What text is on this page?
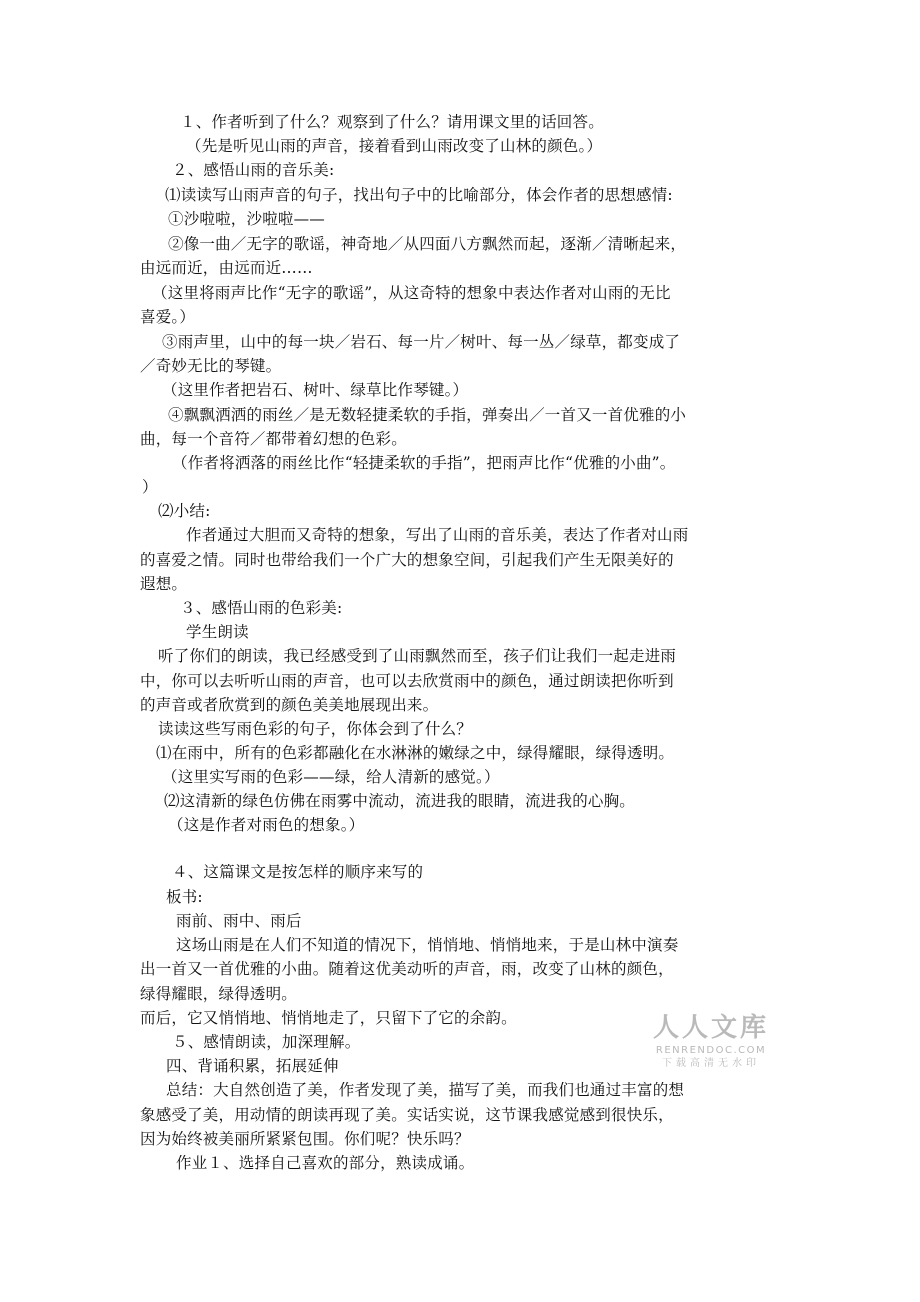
１、作者听到了什么？观察到了什么？请用课文里的话回答。
（先是听见山雨的声音，接着看到山雨改变了山林的颜色。）
２、感悟山雨的音乐美:
⑴读读写山雨声音的句子，找出句子中的比喻部分，体会作者的思想感情:
①沙啦啦，沙啦啦——
②像一曲／无字的歌谣，神奇地／从四面八方飘然而起，逐渐／清晰起来，
由远而近，由远而近……
（这里将雨声比作“无字的歌谣”，从这奇特的想象中表达作者对山雨的无比
喜爱。）
③雨声里，山中的每一块／岩石、每一片／树叶、每一丛／绿草，都变成了
／奇妙无比的琴键。
（这里作者把岩石、树叶、绿草比作琴键。）
④飘飘洒洒的雨丝／是无数轻捷柔软的手指，弹奏出／一首又一首优雅的小
曲，每一个音符／都带着幻想的色彩。
（作者将洒落的雨丝比作“轻捷柔软的手指”，把雨声比作“优雅的小曲”。
）
⑵小结:
作者通过大胆而又奇特的想象，写出了山雨的音乐美，表达了作者对山雨
的喜爱之情。同时也带给我们一个广大的想象空间，引起我们产生无限美好的
遐想。
３、感悟山雨的色彩美:
学生朗读
听了你们的朗读，我已经感受到了山雨飘然而至，孩子们让我们一起走进雨
中，你可以去听听山雨的声音，也可以去欣赏雨中的颜色，通过朗读把你听到
的声音或者欣赏到的颜色美美地展现出来。
读读这些写雨色彩的句子，你体会到了什么？
⑴在雨中，所有的色彩都融化在水淋淋的嫩绿之中，绿得耀眼，绿得透明。
（这里实写雨的色彩——绿，给人清新的感觉。）
⑵这清新的绿色仿佛在雨雾中流动，流进我的眼睛，流进我的心胸。
（这是作者对雨色的想象。）
４、这篇课文是按怎样的顺序来写的
板书:
雨前、雨中、雨后
这场山雨是在人们不知道的情况下，悄悄地、悄悄地来，于是山林中演奏
出一首又一首优雅的小曲。随着这优美动听的声音，雨，改变了山林的颜色，
绿得耀眼，绿得透明。
而后，它又悄悄地、悄悄地走了，只留下了它的余韵。
５、感情朗读，加深理解。
四、背诵积累，拓展延伸
总结：大自然创造了美，作者发现了美，描写了美，而我们也通过丰富的想
象感受了美，用动情的朗读再现了美。实话实说，这节课我感觉感到很快乐，
因为始终被美丽所紧紧包围。你们呢？快乐吗？
作业１、选择自己喜欢的部分，熟读成诵。
人人文库
RENRENDOC.COM
下载高清无水印
